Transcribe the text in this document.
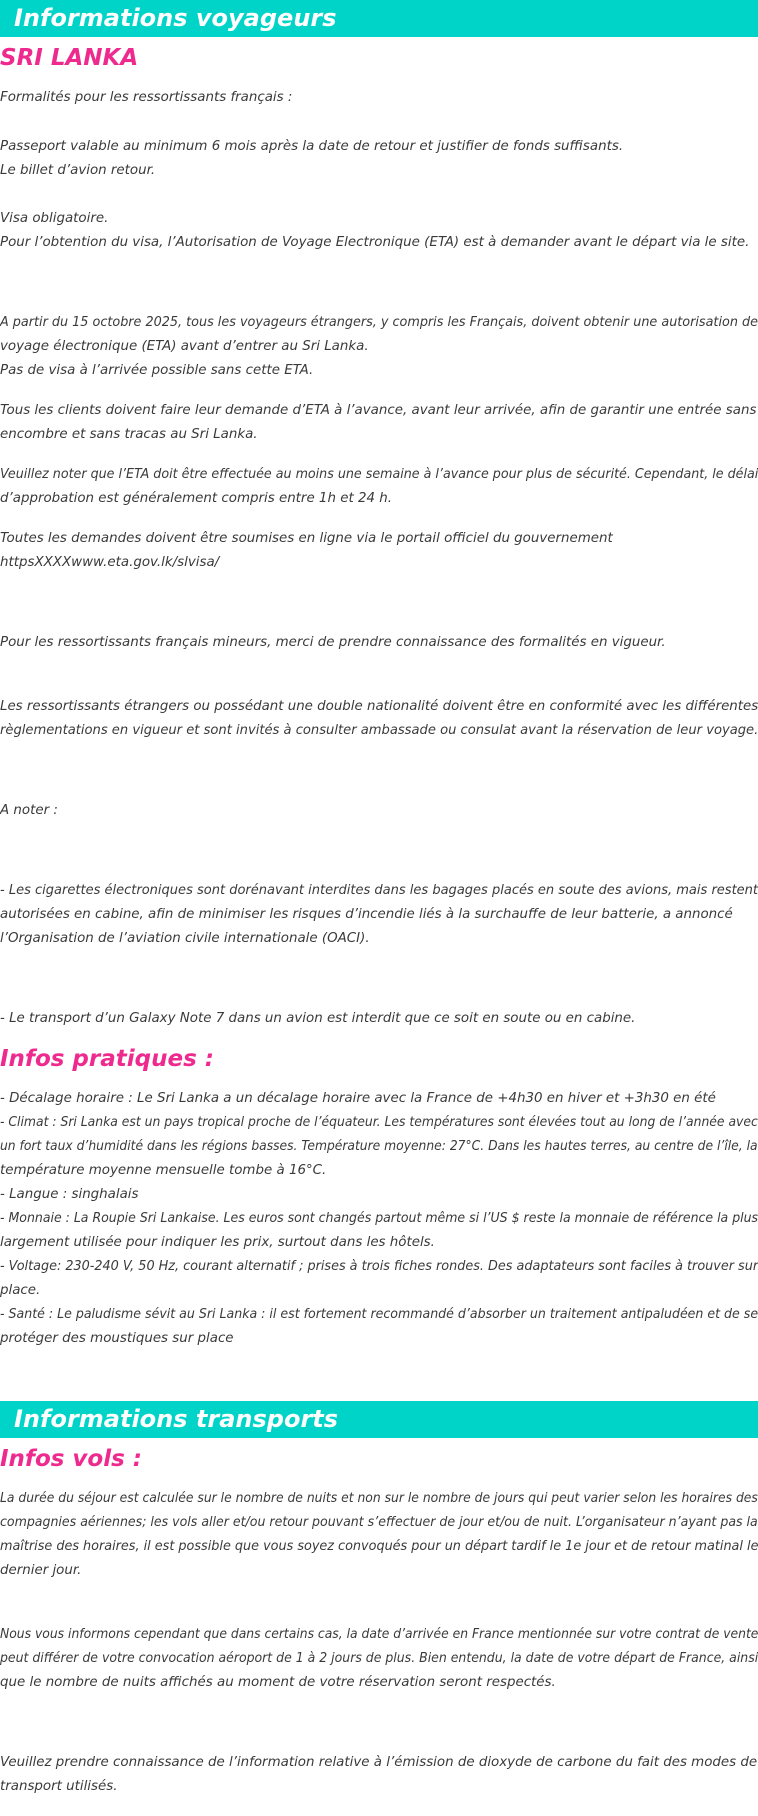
Informations voyageurs
SRI LANKA
Formalités pour les ressortissants français :
Passeport valable au minimum 6 mois après la date de retour et justifier de fonds suffisants.
Le billet d’avion retour.
Visa obligatoire.
Pour l’obtention du visa, l’Autorisation de Voyage Electronique (ETA) est à demander avant le départ via le site.
A partir du 15 octobre 2025, tous les voyageurs étrangers, y compris les Français, doivent obtenir une autorisation de
voyage électronique (ETA) avant d’entrer au Sri Lanka.
Pas de visa à l’arrivée possible sans cette ETA.
Tous les clients doivent faire leur demande d’ETA à l’avance, avant leur arrivée, afin de garantir une entrée sans
encombre et sans tracas au Sri Lanka.
Veuillez noter que l’ETA doit être effectuée au moins une semaine à l’avance pour plus de sécurité. Cependant, le délai
d’approbation est généralement compris entre 1h et 24 h.
Toutes les demandes doivent être soumises en ligne via le portail officiel du gouvernement
httpsXXXXwww.eta.gov.lk/slvisa/
Pour les ressortissants français mineurs, merci de prendre connaissance des formalités en vigueur.
Les ressortissants étrangers ou possédant une double nationalité doivent être en conformité avec les différentes
règlementations en vigueur et sont invités à consulter ambassade ou consulat avant la réservation de leur voyage.
A noter :
- Les cigarettes électroniques sont dorénavant interdites dans les bagages placés en soute des avions, mais restent
autorisées en cabine, afin de minimiser les risques d’incendie liés à la surchauffe de leur batterie, a annoncé
l’Organisation de l’aviation civile internationale (OACI).
- Le transport d’un Galaxy Note 7 dans un avion est interdit que ce soit en soute ou en cabine.
Infos pratiques :
- Décalage horaire : Le Sri Lanka a un décalage horaire avec la France de +4h30 en hiver et +3h30 en été
- Climat : Sri Lanka est un pays tropical proche de l’équateur. Les températures sont élevées tout au long de l’année avec
un fort taux d’humidité dans les régions basses. Température moyenne: 27°C. Dans les hautes terres, au centre de l’île, la
température moyenne mensuelle tombe à 16°C.
- Langue : singhalais
- Monnaie : La Roupie Sri Lankaise. Les euros sont changés partout même si l’US $ reste la monnaie de référence la plus
largement utilisée pour indiquer les prix, surtout dans les hôtels.
- Voltage: 230-240 V, 50 Hz, courant alternatif ; prises à trois fiches rondes. Des adaptateurs sont faciles à trouver sur
place.
- Santé : Le paludisme sévit au Sri Lanka : il est fortement recommandé d’absorber un traitement antipaludéen et de se
protéger des moustiques sur place
Informations transports
Infos vols :
La durée du séjour est calculée sur le nombre de nuits et non sur le nombre de jours qui peut varier selon les horaires des
compagnies aériennes; les vols aller et/ou retour pouvant s’effectuer de jour et/ou de nuit. L’organisateur n’ayant pas la
maîtrise des horaires, il est possible que vous soyez convoqués pour un départ tardif le 1e jour et de retour matinal le
dernier jour.
Nous vous informons cependant que dans certains cas, la date d’arrivée en France mentionnée sur votre contrat de vente
peut différer de votre convocation aéroport de 1 à 2 jours de plus. Bien entendu, la date de votre départ de France, ainsi
que le nombre de nuits affichés au moment de votre réservation seront respectés.
Veuillez prendre connaissance de l’information relative à l’émission de dioxyde de carbone du fait des modes de
transport utilisés.
